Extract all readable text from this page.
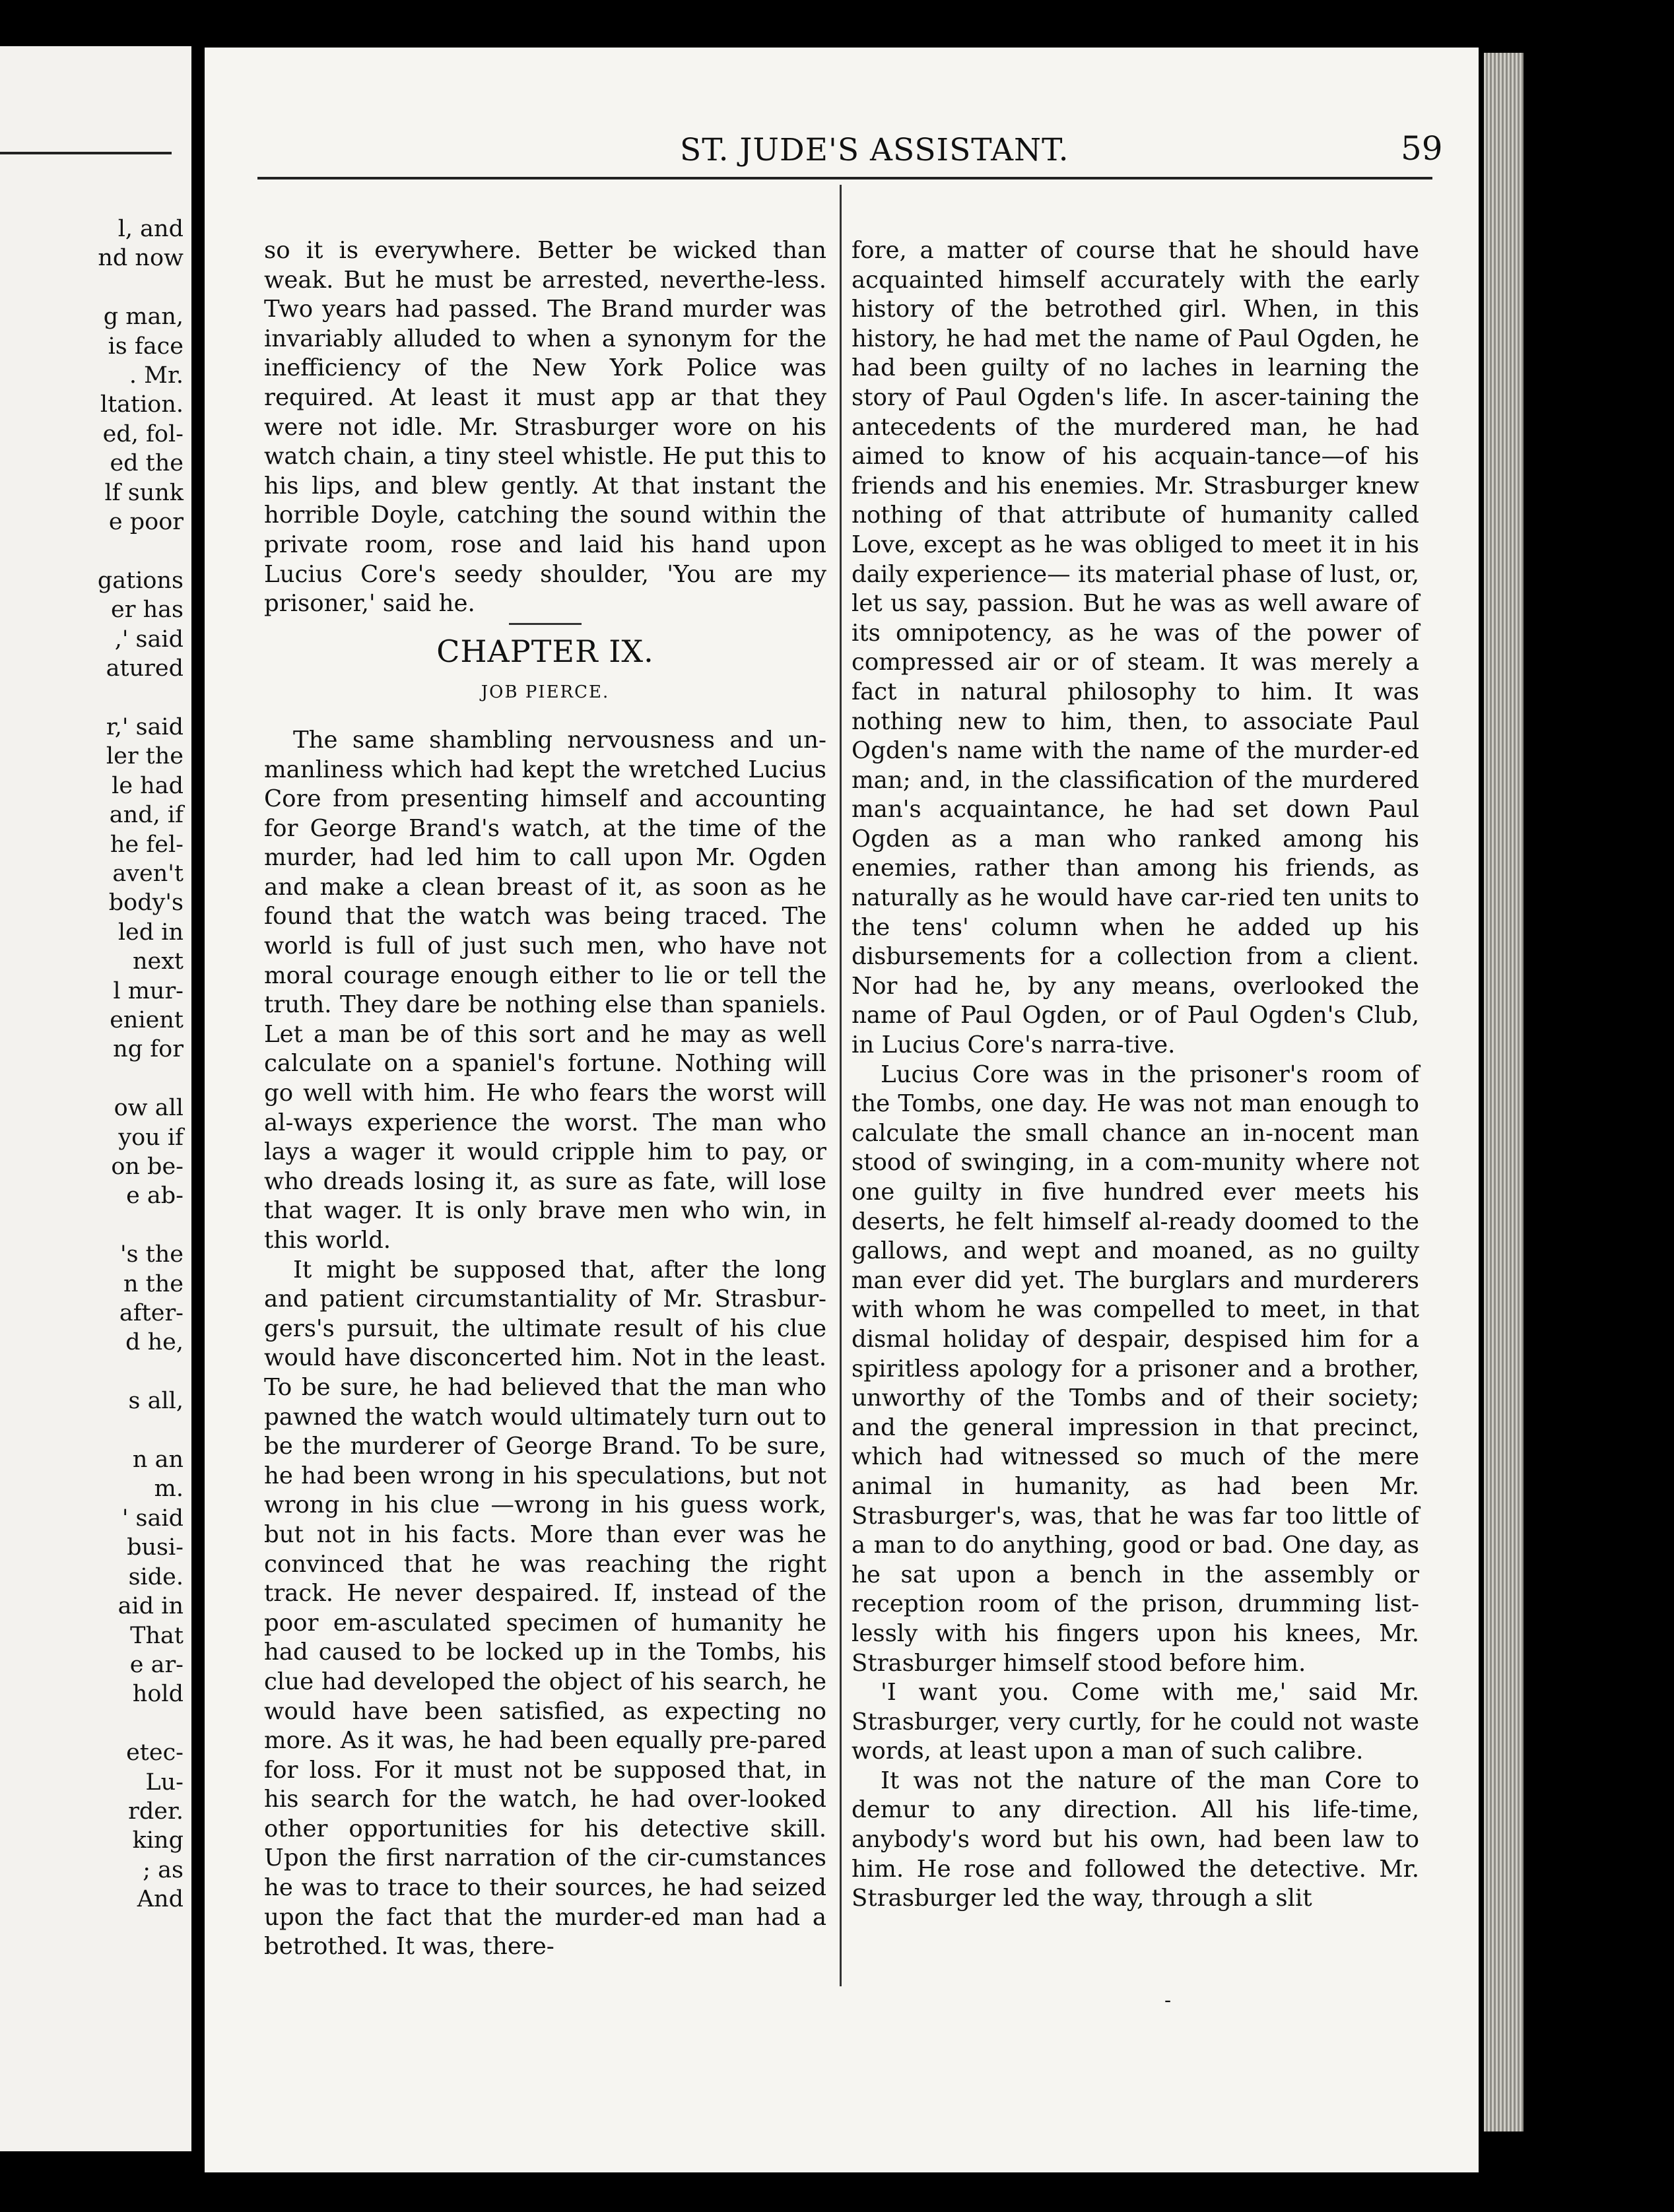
l, and
nd now

g man,
is face
. Mr.
ltation.
ed, fol-
ed the
lf sunk
e poor

gations
er has
,' said
atured

r,' said
ler the
le had
and, if
he fel-
aven't
body's
led in
next
l mur-
enient
ng for

ow all
you if
on be-
e ab-

's the
n the
after-
d he,

s all,

n an
m.
' said
busi-
side.
aid in
That
e ar-
hold

etec-
Lu-
rder.
king
; as
And
ST. JUDE'S ASSISTANT.	59

so it is everywhere. Better be wicked than weak. But he must be arrested, neverthe-less. Two years had passed. The Brand murder was invariably alluded to when a synonym for the inefficiency of the New York Police was required. At least it must app ar that they were not idle. Mr. Strasburger wore on his watch chain, a tiny steel whistle. He put this to his lips, and blew gently. At that instant the horrible Doyle, catching the sound within the private room, rose and laid his hand upon Lucius Core's seedy shoulder, 'You are my prisoner,' said he.

CHAPTER IX.
JOB PIERCE.

The same shambling nervousness and un-manliness which had kept the wretched Lucius Core from presenting himself and accounting for George Brand's watch, at the time of the murder, had led him to call upon Mr. Ogden and make a clean breast of it, as soon as he found that the watch was being traced. The world is full of just such men, who have not moral courage enough either to lie or tell the truth. They dare be nothing else than spaniels. Let a man be of this sort and he may as well calculate on a spaniel's fortune. Nothing will go well with him. He who fears the worst will al-ways experience the worst. The man who lays a wager it would cripple him to pay, or who dreads losing it, as sure as fate, will lose that wager. It is only brave men who win, in this world.

It might be supposed that, after the long and patient circumstantiality of Mr. Strasbur-gers's pursuit, the ultimate result of his clue would have disconcerted him. Not in the least. To be sure, he had believed that the man who pawned the watch would ultimately turn out to be the murderer of George Brand. To be sure, he had been wrong in his speculations, but not wrong in his clue —wrong in his guess work, but not in his facts. More than ever was he convinced that he was reaching the right track. He never despaired. If, instead of the poor em-asculated specimen of humanity he had caused to be locked up in the Tombs, his clue had developed the object of his search, he would have been satisfied, as expecting no more. As it was, he had been equally pre-pared for loss. For it must not be supposed that, in his search for the watch, he had over-looked other opportunities for his detective skill. Upon the first narration of the cir-cumstances he was to trace to their sources, he had seized upon the fact that the murder-ed man had a betrothed. It was, there-

fore, a matter of course that he should have acquainted himself accurately with the early history of the betrothed girl. When, in this history, he had met the name of Paul Ogden, he had been guilty of no laches in learning the story of Paul Ogden's life. In ascer-taining the antecedents of the murdered man, he had aimed to know of his acquain-tance—of his friends and his enemies. Mr. Strasburger knew nothing of that attribute of humanity called Love, except as he was obliged to meet it in his daily experience— its material phase of lust, or, let us say, passion. But he was as well aware of its omnipotency, as he was of the power of compressed air or of steam. It was merely a fact in natural philosophy to him. It was nothing new to him, then, to associate Paul Ogden's name with the name of the murder-ed man; and, in the classification of the murdered man's acquaintance, he had set down Paul Ogden as a man who ranked among his enemies, rather than among his friends, as naturally as he would have car-ried ten units to the tens' column when he added up his disbursements for a collection from a client. Nor had he, by any means, overlooked the name of Paul Ogden, or of Paul Ogden's Club, in Lucius Core's narra-tive.

Lucius Core was in the prisoner's room of the Tombs, one day. He was not man enough to calculate the small chance an in-nocent man stood of swinging, in a com-munity where not one guilty in five hundred ever meets his deserts, he felt himself al-ready doomed to the gallows, and wept and moaned, as no guilty man ever did yet. The burglars and murderers with whom he was compelled to meet, in that dismal holiday of despair, despised him for a spiritless apology for a prisoner and a brother, unworthy of the Tombs and of their society; and the general impression in that precinct, which had witnessed so much of the mere animal in humanity, as had been Mr. Strasburger's, was, that he was far too little of a man to do anything, good or bad. One day, as he sat upon a bench in the assembly or reception room of the prison, drumming list-lessly with his fingers upon his knees, Mr. Strasburger himself stood before him.

'I want you. Come with me,' said Mr. Strasburger, very curtly, for he could not waste words, at least upon a man of such calibre.

It was not the nature of the man Core to demur to any direction. All his life-time, anybody's word but his own, had been law to him. He rose and followed the detective. Mr. Strasburger led the way, through a slit

-
